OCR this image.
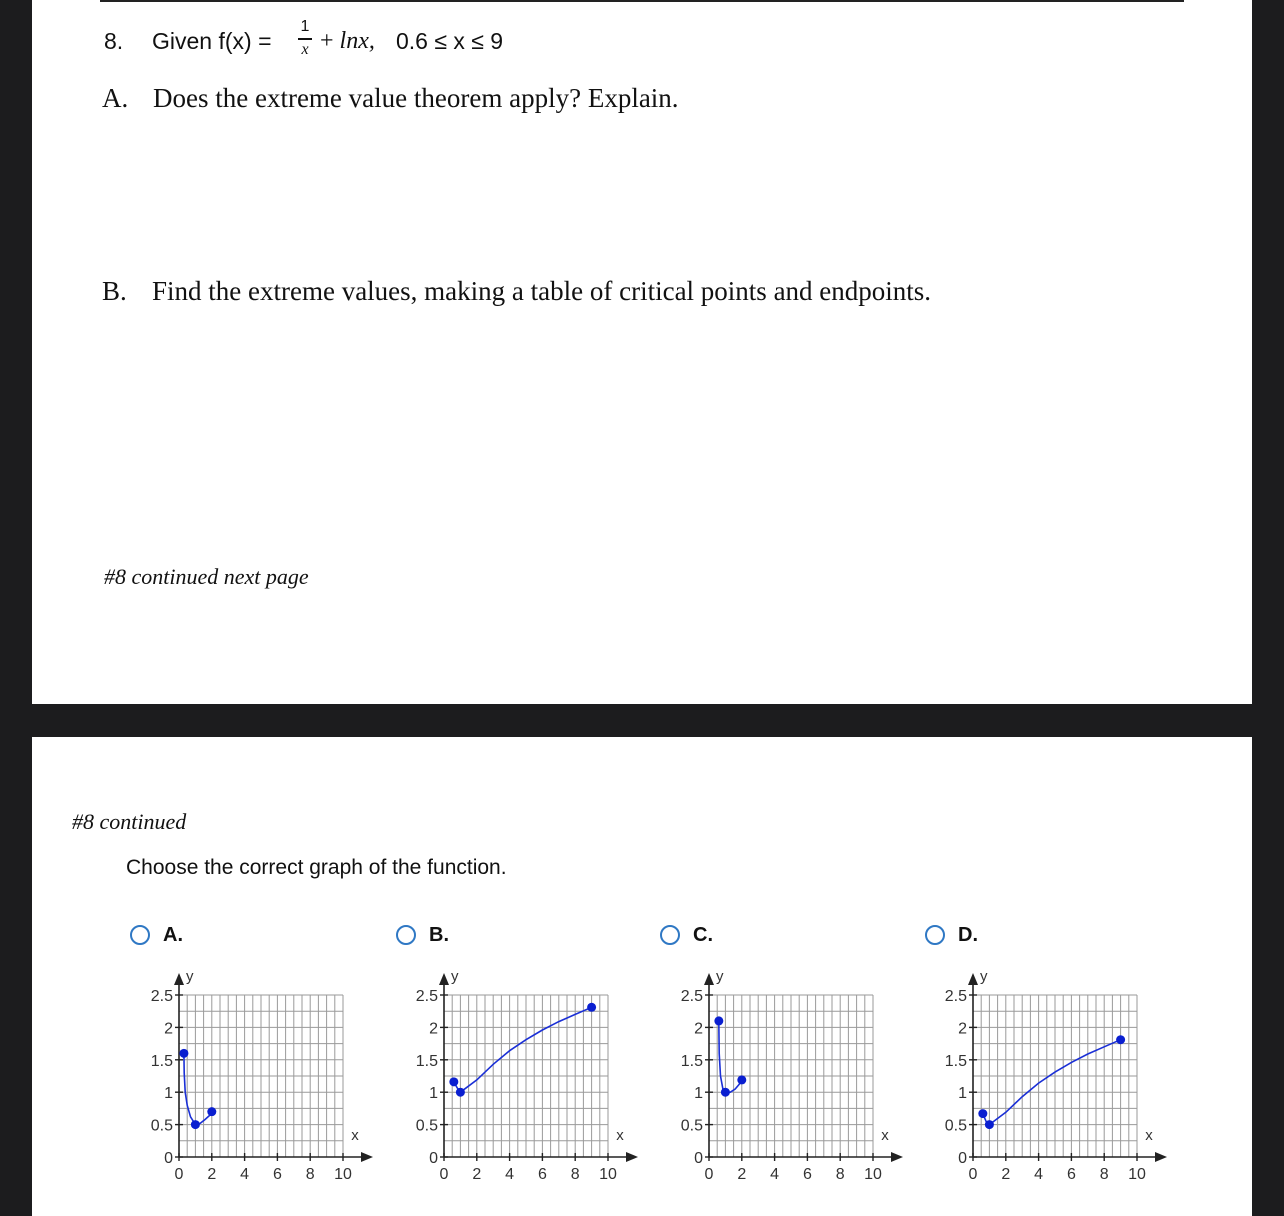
8. Given f(x) =
1
x + lnx, 0.6 ≤ x ≤ 9
A. Does the extreme value theorem apply? Explain.
B. Find the extreme values, making a table of critical points and endpoints.
#8 continued next page
#8 continued
Choose the correct graph of the function.
A.	B.	C.	D.
0 2 4 6 8 10
0
0.5
1
1.5
2
2.5
x
y
0 2 4 6 8 10
0
0.5
1
1.5
2
2.5
x
y
0 2 4 6 8 10
0
0.5
1
1.5
2
2.5
x
y
0 2 4 6 8 10
0
0.5
1
1.5
2
2.5
x
y
